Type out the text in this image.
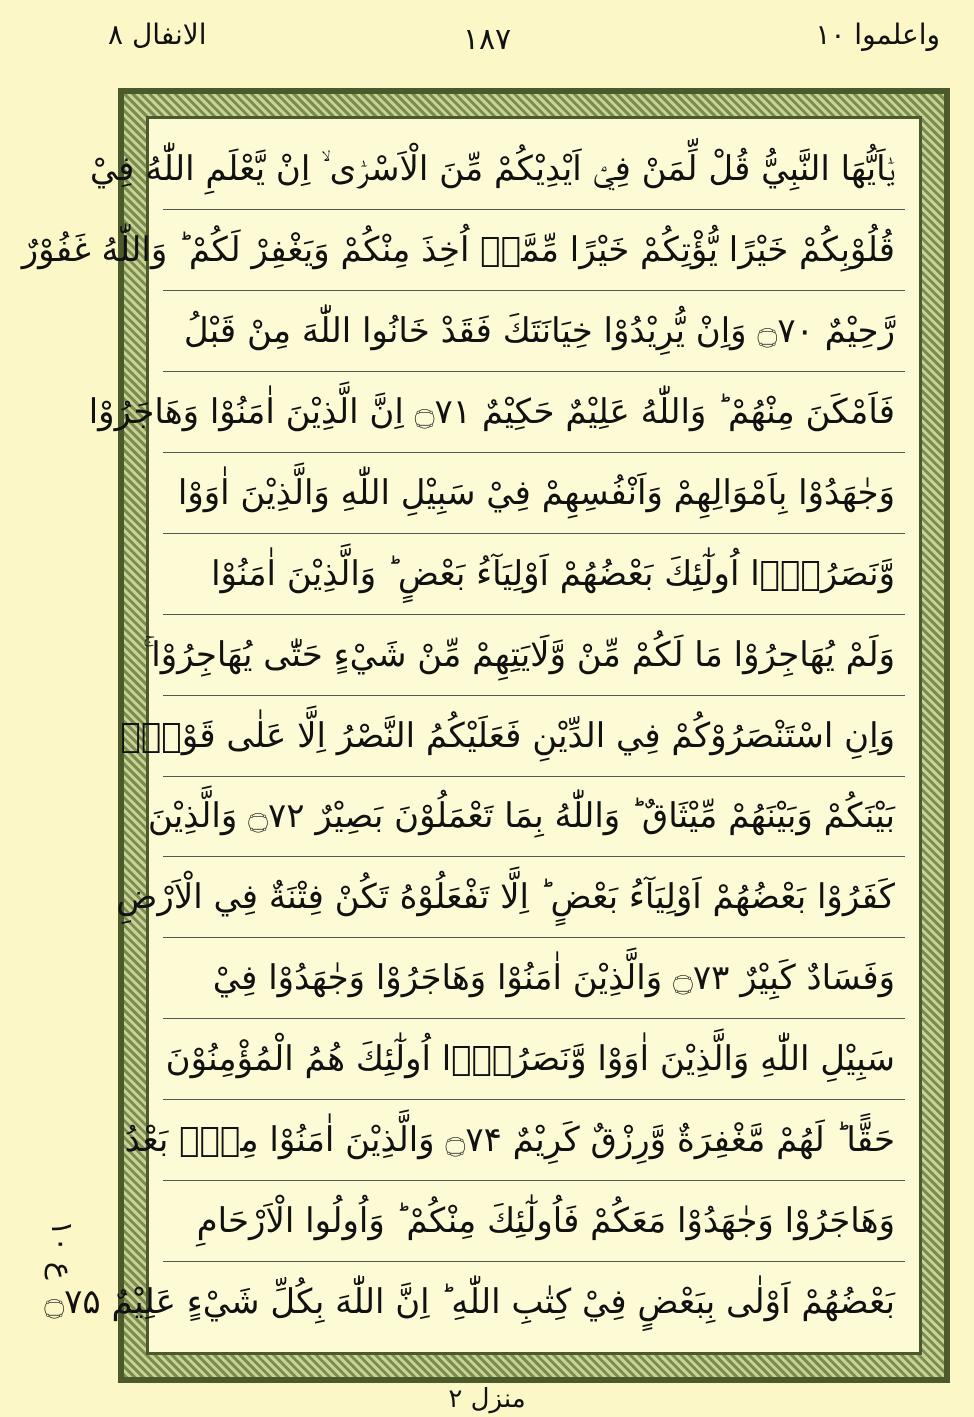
واعلموا ۱۰
۱۸۷
الانفال ۸
يٰۤاَيُّهَا النَّبِيُّ قُلْ لِّمَنْ فِيْۤ اَيْدِيْكُمْ مِّنَ الْاَسْرٰۤى ۙ اِنْ يَّعْلَمِ اللّٰهُ فِيْ
قُلُوْبِكُمْ خَيْرًا يُّؤْتِكُمْ خَيْرًا مِّمَّاۤ اُخِذَ مِنْكُمْ وَيَغْفِرْ لَكُمْ ؕ وَاللّٰهُ غَفُوْرٌ
رَّحِيْمٌ ۝۷۰ وَاِنْ يُّرِيْدُوْا خِيَانَتَكَ فَقَدْ خَانُوا اللّٰهَ مِنْ قَبْلُ
فَاَمْكَنَ مِنْهُمْ ؕ وَاللّٰهُ عَلِيْمٌ حَكِيْمٌ ۝۷۱ اِنَّ الَّذِيْنَ اٰمَنُوْا وَهَاجَرُوْا
وَجٰهَدُوْا بِاَمْوَالِهِمْ وَاَنْفُسِهِمْ فِيْ سَبِيْلِ اللّٰهِ وَالَّذِيْنَ اٰوَوْا
وَّنَصَرُوْۤا اُولٰٓئِكَ بَعْضُهُمْ اَوْلِيَآءُ بَعْضٍ ؕ وَالَّذِيْنَ اٰمَنُوْا
وَلَمْ يُهَاجِرُوْا مَا لَكُمْ مِّنْ وَّلَايَتِهِمْ مِّنْ شَيْءٍ حَتّٰى يُهَاجِرُوْا ۚ
وَاِنِ اسْتَنْصَرُوْكُمْ فِي الدِّيْنِ فَعَلَيْكُمُ النَّصْرُ اِلَّا عَلٰى قَوْمٍۢ
بَيْنَكُمْ وَبَيْنَهُمْ مِّيْثَاقٌ ؕ وَاللّٰهُ بِمَا تَعْمَلُوْنَ بَصِيْرٌ ۝۷۲ وَالَّذِيْنَ
كَفَرُوْا بَعْضُهُمْ اَوْلِيَآءُ بَعْضٍ ؕ اِلَّا تَفْعَلُوْهُ تَكُنْ فِتْنَةٌ فِي الْاَرْضِ
وَفَسَادٌ كَبِيْرٌ ۝۷۳ وَالَّذِيْنَ اٰمَنُوْا وَهَاجَرُوْا وَجٰهَدُوْا فِيْ
سَبِيْلِ اللّٰهِ وَالَّذِيْنَ اٰوَوْا وَّنَصَرُوْۤا اُولٰٓئِكَ هُمُ الْمُؤْمِنُوْنَ
حَقًّا ؕ لَهُمْ مَّغْفِرَةٌ وَّرِزْقٌ كَرِيْمٌ ۝۷۴ وَالَّذِيْنَ اٰمَنُوْا مِنْۢ بَعْدُ
وَهَاجَرُوْا وَجٰهَدُوْا مَعَكُمْ فَاُولٰٓئِكَ مِنْكُمْ ؕ وَاُولُوا الْاَرْحَامِ
بَعْضُهُمْ اَوْلٰى بِبَعْضٍ فِيْ كِتٰبِ اللّٰهِ ؕ اِنَّ اللّٰهَ بِكُلِّ شَيْءٍ عَلِيْمٌ ۝۷۵
ع ۱۰
منزل ۲
